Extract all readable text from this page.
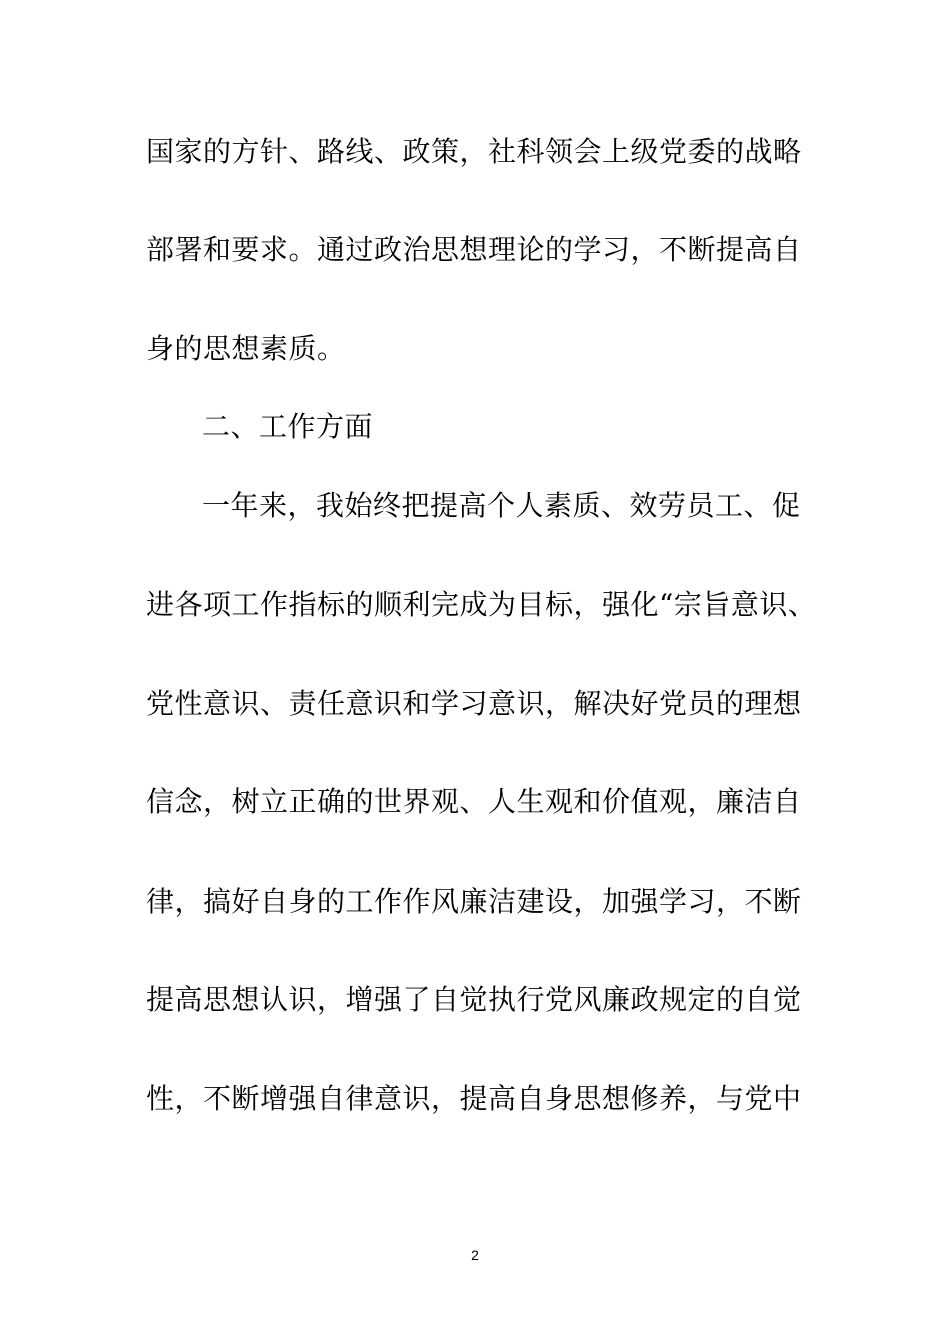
国家的方针、路线、政策，社科领会上级党委的战略
部署和要求。通过政治思想理论的学习，不断提高自
身的思想素质。
二、工作方面
一年来，我始终把提高个人素质、效劳员工、促
进各项工作指标的顺利完成为目标，强化“宗旨意识、
党性意识、责任意识和学习意识，解决好党员的理想
信念，树立正确的世界观、人生观和价值观，廉洁自
律，搞好自身的工作作风廉洁建设，加强学习，不断
提高思想认识，增强了自觉执行党风廉政规定的自觉
性，不断增强自律意识，提高自身思想修养，与党中
2
